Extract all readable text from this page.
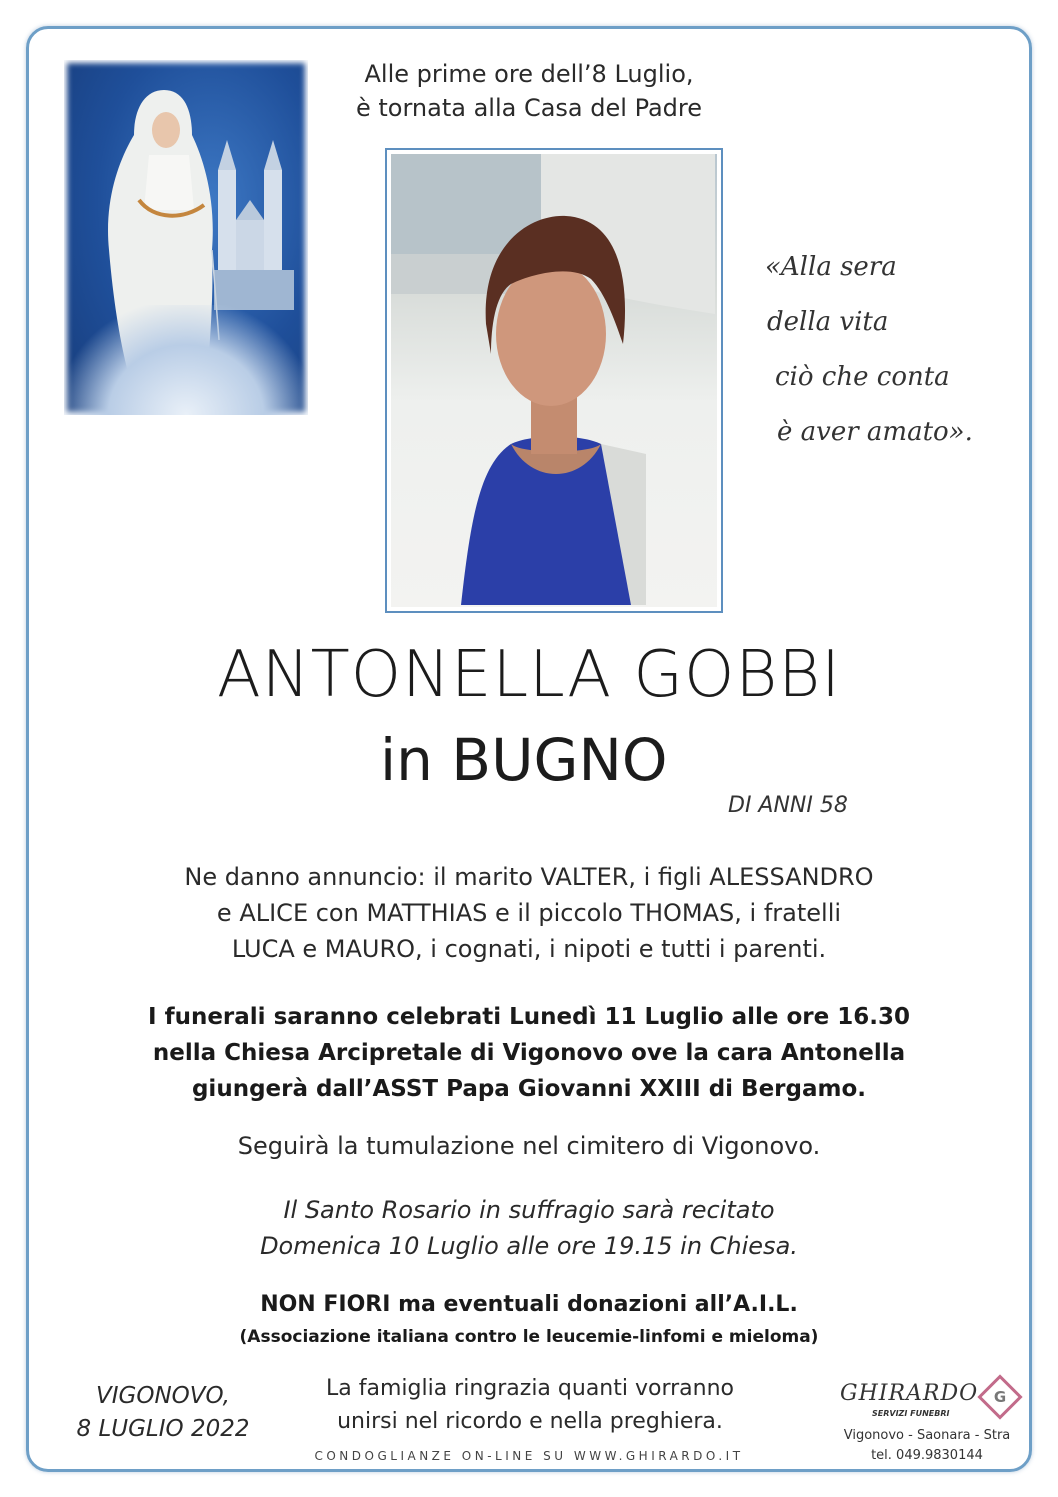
Alle prime ore dell’8 Luglio,
è tornata alla Casa del Padre
«Alla sera
della vita
ciò che conta
è aver amato».
ANTONELLA GOBBI
in BUGNO
DI ANNI 58
Ne danno annuncio: il marito VALTER, i figli ALESSANDRO
e ALICE con MATTHIAS e il piccolo THOMAS, i fratelli
LUCA e MAURO, i cognati, i nipoti e tutti i parenti.
I funerali saranno celebrati Lunedì 11 Luglio alle ore 16.30
nella Chiesa Arcipretale di Vigonovo ove la cara Antonella
giungerà dall’ASST Papa Giovanni XXIII di Bergamo.
Seguirà la tumulazione nel cimitero di Vigonovo.
Il Santo Rosario in suffragio sarà recitato
Domenica 10 Luglio alle ore 19.15 in Chiesa.
NON FIORI ma eventuali donazioni all’A.I.L.
(Associazione italiana contro le leucemie-linfomi e mieloma)
VIGONOVO,
8 LUGLIO 2022
La famiglia ringrazia quanti vorranno
unirsi nel ricordo e nella preghiera.
CONDOGLIANZE ON-LINE SU WWW.GHIRARDO.IT
GHIRARDO
SERVIZI FUNEBRI
G
Vigonovo - Saonara - Stra
tel. 049.9830144
